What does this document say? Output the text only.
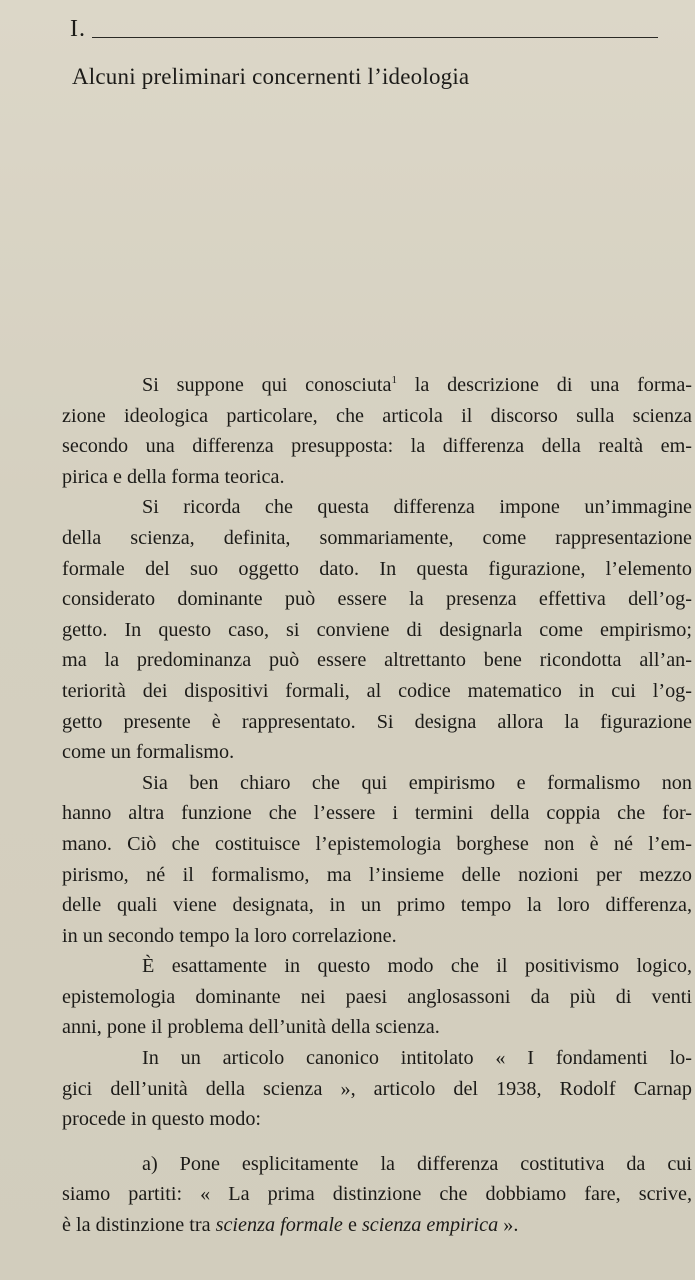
I.
Alcuni preliminari concernenti l’ideologia

Si suppone qui conosciuta$^1$ la descrizione di una forma-
zione ideologica particolare, che articola il discorso sulla scienza
secondo una differenza presupposta: la differenza della realtà em-
pirica e della forma teorica.

Si ricorda che questa differenza impone un’immagine
della scienza, definita, sommariamente, come rappresentazione
formale del suo oggetto dato. In questa figurazione, l’elemento
considerato dominante può essere la presenza effettiva dell’og-
getto. In questo caso, si conviene di designarla come empirismo;
ma la predominanza può essere altrettanto bene ricondotta all’an-
teriorità dei dispositivi formali, al codice matematico in cui l’og-
getto presente è rappresentato. Si designa allora la figurazione
come un formalismo.

Sia ben chiaro che qui empirismo e formalismo non
hanno altra funzione che l’essere i termini della coppia che for-
mano. Ciò che costituisce l’epistemologia borghese non è né l’em-
pirismo, né il formalismo, ma l’insieme delle nozioni per mezzo
delle quali viene designata, in un primo tempo la loro differenza,
in un secondo tempo la loro correlazione.

È esattamente in questo modo che il positivismo logico,
epistemologia dominante nei paesi anglosassoni da più di venti
anni, pone il problema dell’unità della scienza.

In un articolo canonico intitolato « I fondamenti lo-
gici dell’unità della scienza », articolo del 1938, Rodolf Carnap
procede in questo modo:

a) Pone esplicitamente la differenza costitutiva da cui
siamo partiti: « La prima distinzione che dobbiamo fare, scrive,
è la distinzione tra scienza formale e scienza empirica ».
